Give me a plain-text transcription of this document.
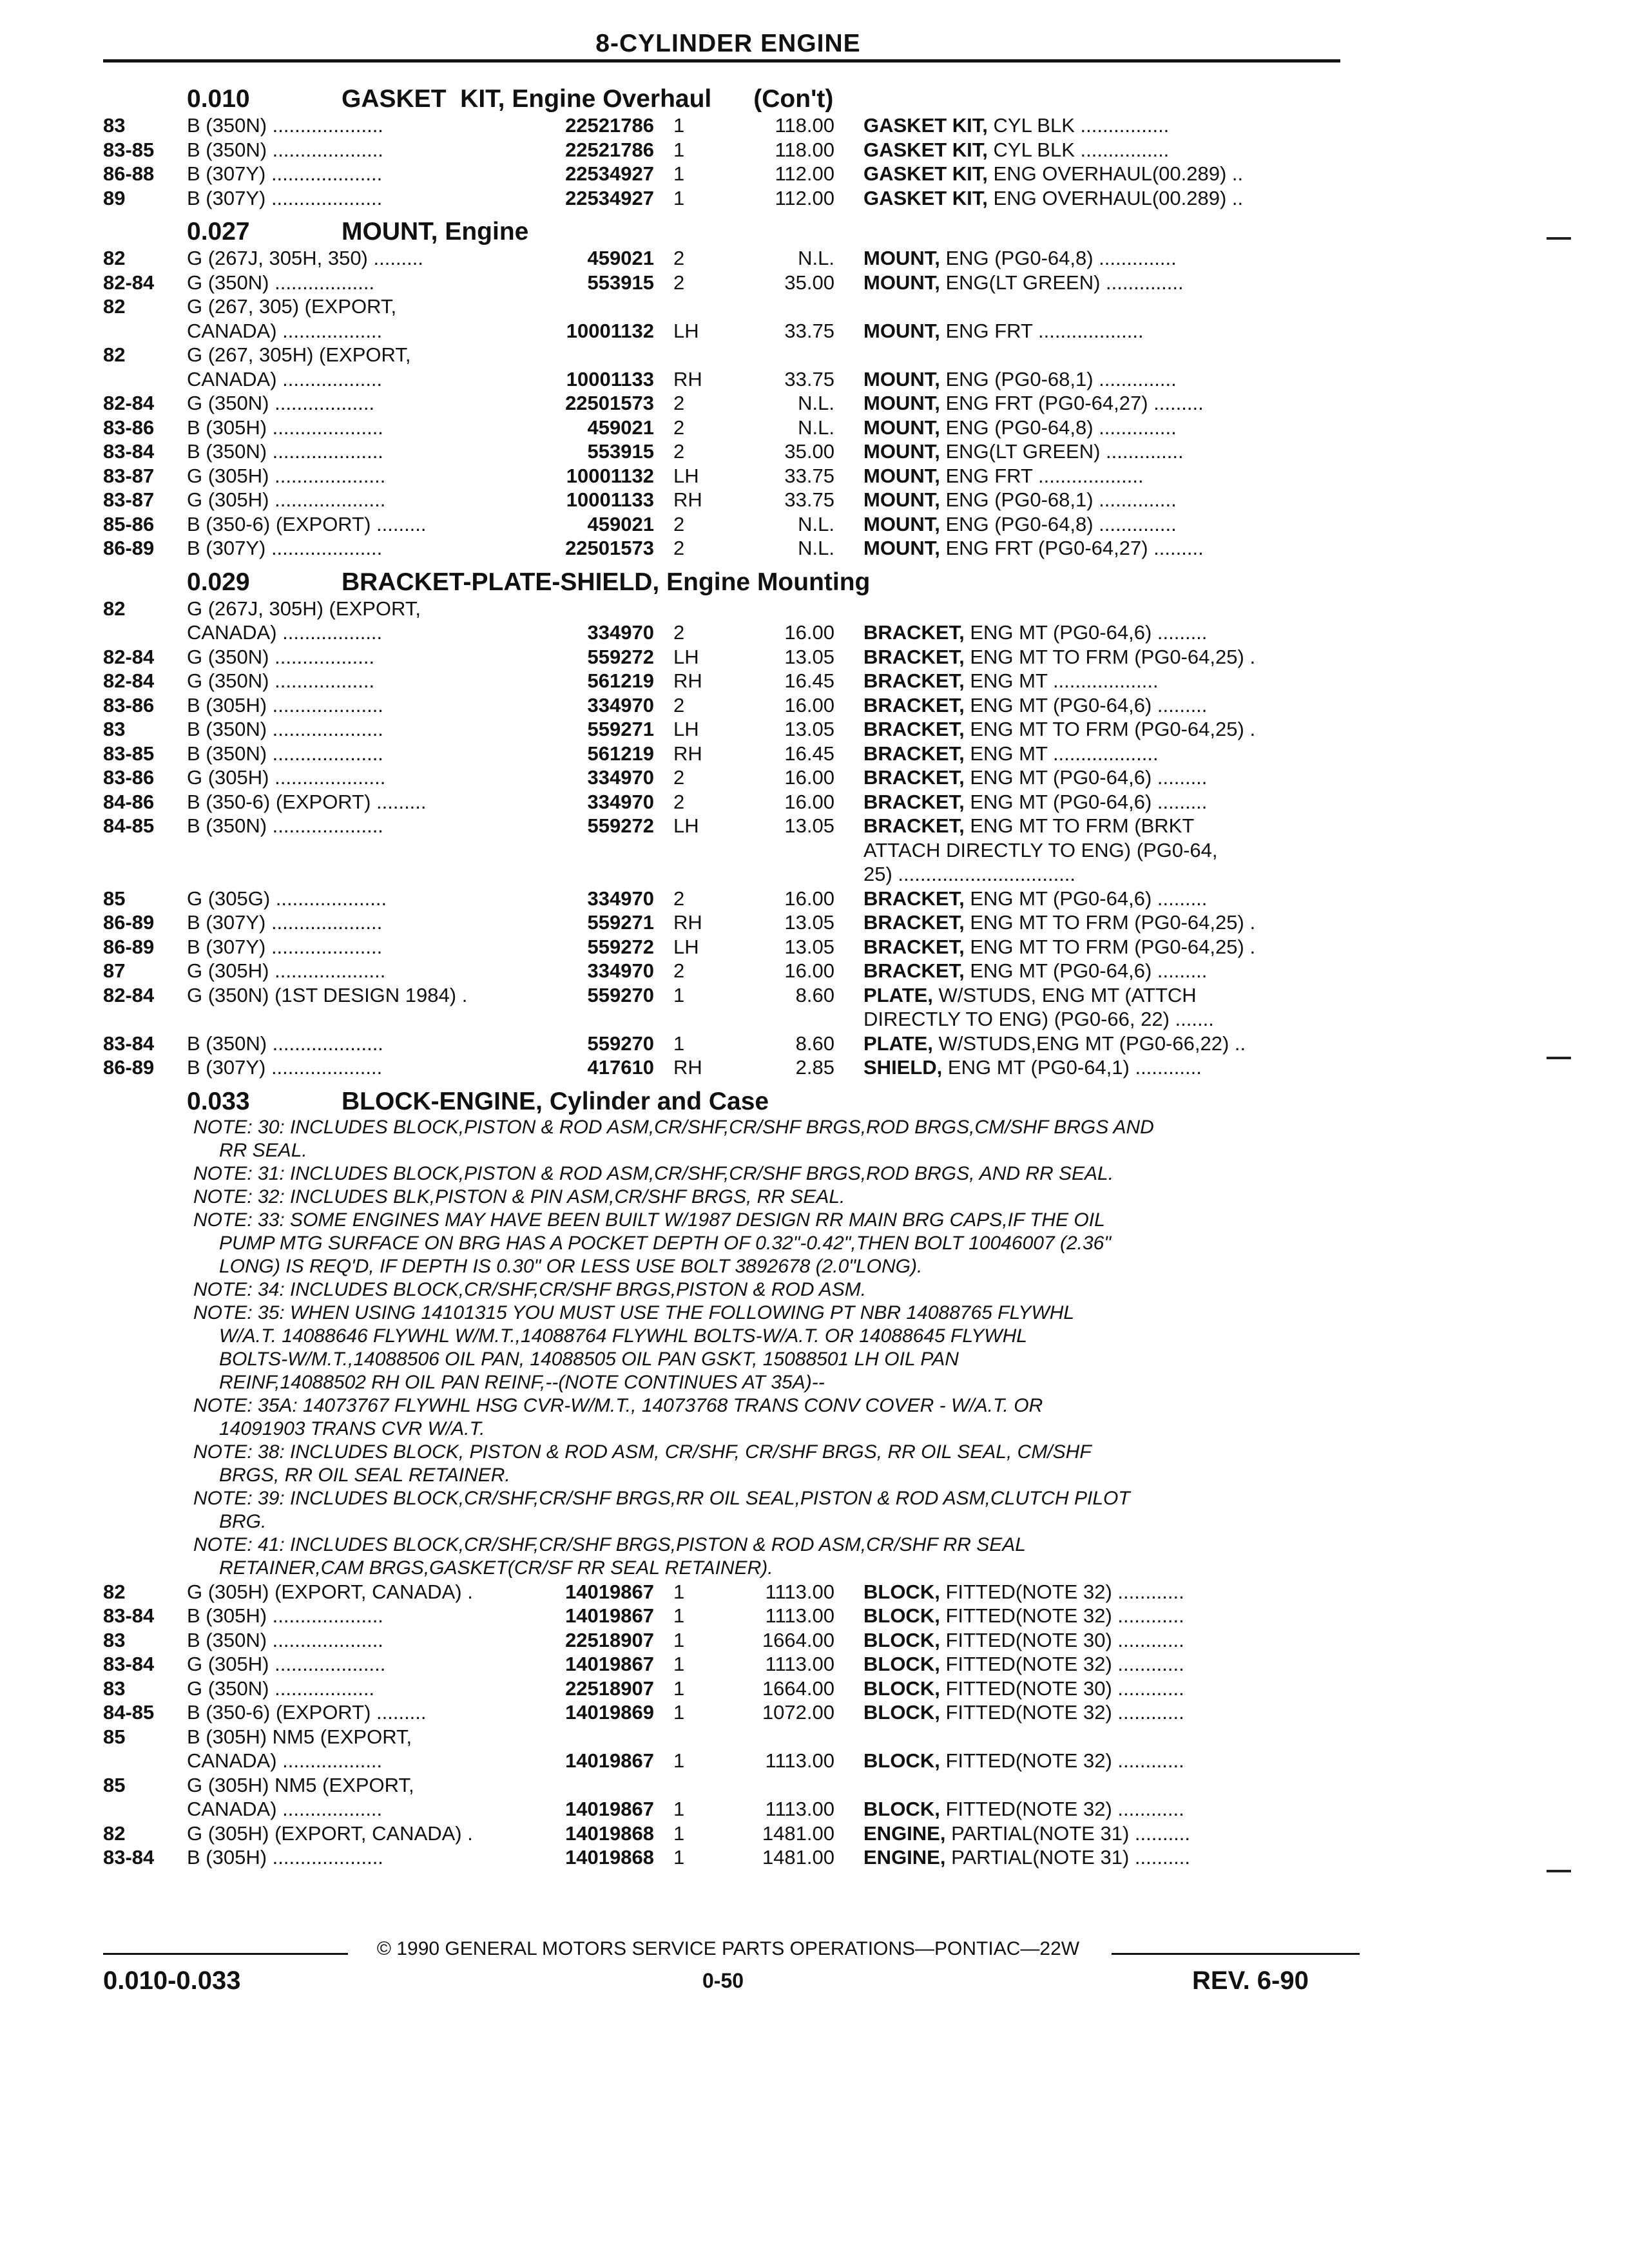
8-CYLINDER ENGINE
0.010	GASKET  KIT, Engine Overhaul      (Con't)
83	B (350N) ....................	22521786 1	118.00	GASKET KIT, CYL BLK ................
83-85	B (350N) ....................	22521786 1	118.00	GASKET KIT, CYL BLK ................
86-88	B (307Y) ....................	22534927 1	112.00	GASKET KIT, ENG OVERHAUL(00.289) ..
89	B (307Y) ....................	22534927 1	112.00	GASKET KIT, ENG OVERHAUL(00.289) ..
0.027	MOUNT, Engine
82	G (267J, 305H, 350) .........	459021 2	N.L.	MOUNT, ENG (PG0-64,8) ..............
82-84	G (350N) ..................	553915 2	35.00	MOUNT, ENG(LT GREEN) ..............
82	G (267, 305) (EXPORT,
CANADA) ..................	10001132 LH	33.75	MOUNT, ENG FRT ...................
82	G (267, 305H) (EXPORT,
CANADA) ..................	10001133 RH	33.75	MOUNT, ENG (PG0-68,1) ..............
82-84	G (350N) ..................	22501573 2	N.L.	MOUNT, ENG FRT (PG0-64,27) .........
83-86	B (305H) ....................	459021 2	N.L.	MOUNT, ENG (PG0-64,8) ..............
83-84	B (350N) ....................	553915 2	35.00	MOUNT, ENG(LT GREEN) ..............
83-87	G (305H) ....................	10001132 LH	33.75	MOUNT, ENG FRT ...................
83-87	G (305H) ....................	10001133 RH	33.75	MOUNT, ENG (PG0-68,1) ..............
85-86	B (350-6) (EXPORT) .........	459021 2	N.L.	MOUNT, ENG (PG0-64,8) ..............
86-89	B (307Y) ....................	22501573 2	N.L.	MOUNT, ENG FRT (PG0-64,27) .........
0.029	BRACKET-PLATE-SHIELD, Engine Mounting
82	G (267J, 305H) (EXPORT,
CANADA) ..................	334970 2	16.00	BRACKET, ENG MT (PG0-64,6) .........
82-84	G (350N) ..................	559272 LH	13.05	BRACKET, ENG MT TO FRM (PG0-64,25) .
82-84	G (350N) ..................	561219 RH	16.45	BRACKET, ENG MT ...................
83-86	B (305H) ....................	334970 2	16.00	BRACKET, ENG MT (PG0-64,6) .........
83	B (350N) ....................	559271 LH	13.05	BRACKET, ENG MT TO FRM (PG0-64,25) .
83-85	B (350N) ....................	561219 RH	16.45	BRACKET, ENG MT ...................
83-86	G (305H) ....................	334970 2	16.00	BRACKET, ENG MT (PG0-64,6) .........
84-86	B (350-6) (EXPORT) .........	334970 2	16.00	BRACKET, ENG MT (PG0-64,6) .........
84-85	B (350N) ....................	559272 LH	13.05	BRACKET, ENG MT TO FRM (BRKT
ATTACH DIRECTLY TO ENG) (PG0-64,
25) ................................
85	G (305G) ....................	334970 2	16.00	BRACKET, ENG MT (PG0-64,6) .........
86-89	B (307Y) ....................	559271 RH	13.05	BRACKET, ENG MT TO FRM (PG0-64,25) .
86-89	B (307Y) ....................	559272 LH	13.05	BRACKET, ENG MT TO FRM (PG0-64,25) .
87	G (305H) ....................	334970 2	16.00	BRACKET, ENG MT (PG0-64,6) .........
82-84	G (350N) (1ST DESIGN 1984) .	559270 1	8.60	PLATE, W/STUDS, ENG MT (ATTCH
DIRECTLY TO ENG) (PG0-66, 22) .......
83-84	B (350N) ....................	559270 1	8.60	PLATE, W/STUDS,ENG MT (PG0-66,22) ..
86-89	B (307Y) ....................	417610 RH	2.85	SHIELD, ENG MT (PG0-64,1) ............
0.033	BLOCK-ENGINE, Cylinder and Case
NOTE: 30: INCLUDES BLOCK,PISTON & ROD ASM,CR/SHF,CR/SHF BRGS,ROD BRGS,CM/SHF BRGS AND
RR SEAL.
NOTE: 31: INCLUDES BLOCK,PISTON & ROD ASM,CR/SHF,CR/SHF BRGS,ROD BRGS, AND RR SEAL.
NOTE: 32: INCLUDES BLK,PISTON & PIN ASM,CR/SHF BRGS, RR SEAL.
NOTE: 33: SOME ENGINES MAY HAVE BEEN BUILT W/1987 DESIGN RR MAIN BRG CAPS,IF THE OIL
PUMP MTG SURFACE ON BRG HAS A POCKET DEPTH OF 0.32"-0.42",THEN BOLT 10046007 (2.36"
LONG) IS REQ'D, IF DEPTH IS 0.30" OR LESS USE BOLT 3892678 (2.0"LONG).
NOTE: 34: INCLUDES BLOCK,CR/SHF,CR/SHF BRGS,PISTON & ROD ASM.
NOTE: 35: WHEN USING 14101315 YOU MUST USE THE FOLLOWING PT NBR 14088765 FLYWHL
W/A.T. 14088646 FLYWHL W/M.T.,14088764 FLYWHL BOLTS-W/A.T. OR 14088645 FLYWHL
BOLTS-W/M.T.,14088506 OIL PAN, 14088505 OIL PAN GSKT, 15088501 LH OIL PAN
REINF,14088502 RH OIL PAN REINF,--(NOTE CONTINUES AT 35A)--
NOTE: 35A: 14073767 FLYWHL HSG CVR-W/M.T., 14073768 TRANS CONV COVER - W/A.T. OR
14091903 TRANS CVR W/A.T.
NOTE: 38: INCLUDES BLOCK, PISTON & ROD ASM, CR/SHF, CR/SHF BRGS, RR OIL SEAL, CM/SHF
BRGS, RR OIL SEAL RETAINER.
NOTE: 39: INCLUDES BLOCK,CR/SHF,CR/SHF BRGS,RR OIL SEAL,PISTON & ROD ASM,CLUTCH PILOT
BRG.
NOTE: 41: INCLUDES BLOCK,CR/SHF,CR/SHF BRGS,PISTON & ROD ASM,CR/SHF RR SEAL
RETAINER,CAM BRGS,GASKET(CR/SF RR SEAL RETAINER).
82	G (305H) (EXPORT, CANADA) .	14019867 1	1113.00	BLOCK, FITTED(NOTE 32) ............
83-84	B (305H) ....................	14019867 1	1113.00	BLOCK, FITTED(NOTE 32) ............
83	B (350N) ....................	22518907 1	1664.00	BLOCK, FITTED(NOTE 30) ............
83-84	G (305H) ....................	14019867 1	1113.00	BLOCK, FITTED(NOTE 32) ............
83	G (350N) ..................	22518907 1	1664.00	BLOCK, FITTED(NOTE 30) ............
84-85	B (350-6) (EXPORT) .........	14019869 1	1072.00	BLOCK, FITTED(NOTE 32) ............
85	B (305H) NM5 (EXPORT,
CANADA) ..................	14019867 1	1113.00	BLOCK, FITTED(NOTE 32) ............
85	G (305H) NM5 (EXPORT,
CANADA) ..................	14019867 1	1113.00	BLOCK, FITTED(NOTE 32) ............
82	G (305H) (EXPORT, CANADA) .	14019868 1	1481.00	ENGINE, PARTIAL(NOTE 31) ..........
83-84	B (305H) ....................	14019868 1	1481.00	ENGINE, PARTIAL(NOTE 31) ..........
© 1990 GENERAL MOTORS SERVICE PARTS OPERATIONS—PONTIAC—22W
0.010-0.033	0-50	REV. 6-90
